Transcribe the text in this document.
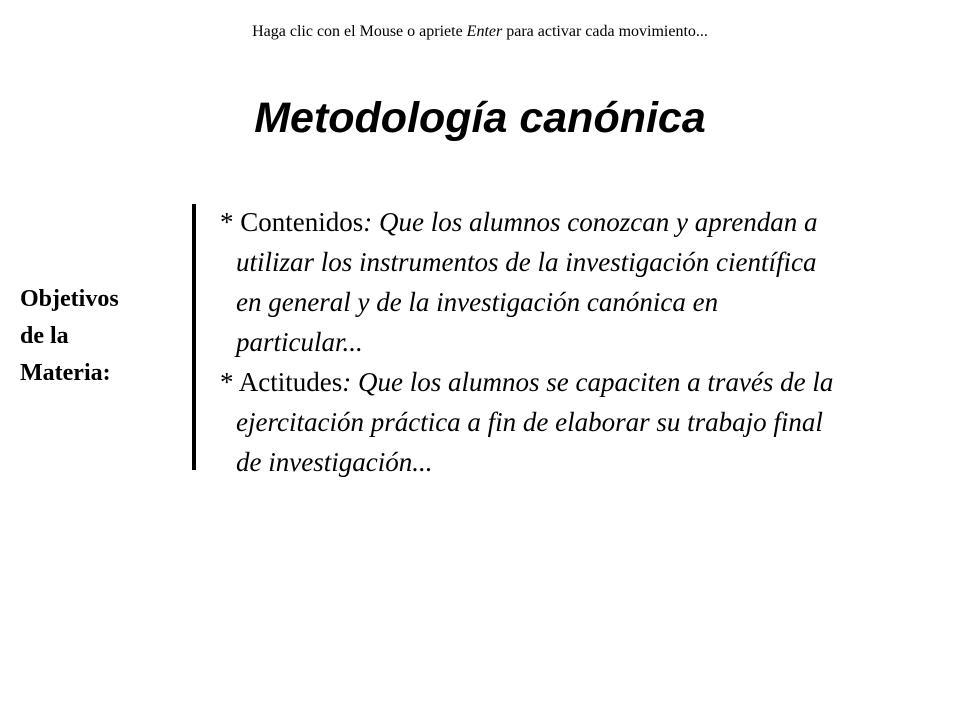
Haga clic con el Mouse o apriete Enter para activar cada movimiento...
Metodología canónica
Objetivos
de la
Materia:
* Contenidos: Que los alumnos conozcan y aprendan a utilizar los instrumentos de la investigación científica en general y de la investigación canónica en particular...
* Actitudes: Que los alumnos se capaciten a través de la ejercitación práctica a fin de elaborar su trabajo final de investigación...
